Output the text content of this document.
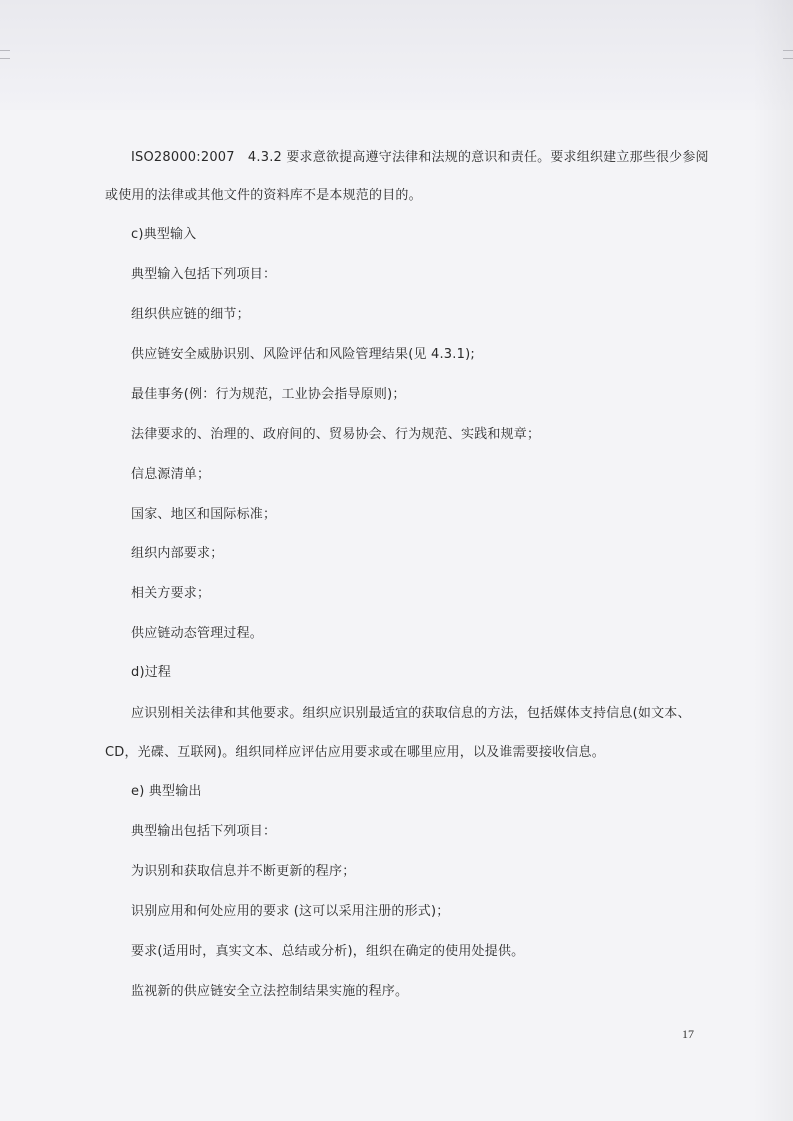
ISO28000:2007　4.3.2 要求意欲提高遵守法律和法规的意识和责任。要求组织建立那些很少参阅
或使用的法律或其他文件的资料库不是本规范的目的。
c)典型输入
典型输入包括下列项目：
组织供应链的细节；
供应链安全威胁识别、风险评估和风险管理结果(见 4.3.1);
最佳事务(例：行为规范，工业协会指导原则)；
法律要求的、治理的、政府间的、贸易协会、行为规范、实践和规章；
信息源清单；
国家、地区和国际标准；
组织内部要求；
相关方要求；
供应链动态管理过程。
d)过程
应识别相关法律和其他要求。组织应识别最适宜的获取信息的方法，包括媒体支持信息(如文本、
CD，光碟、互联网)。组织同样应评估应用要求或在哪里应用，以及谁需要接收信息。
e) 典型输出
典型输出包括下列项目：
为识别和获取信息并不断更新的程序；
识别应用和何处应用的要求 (这可以采用注册的形式)；
要求(适用时，真实文本、总结或分析)，组织在确定的使用处提供。
监视新的供应链安全立法控制结果实施的程序。
17
